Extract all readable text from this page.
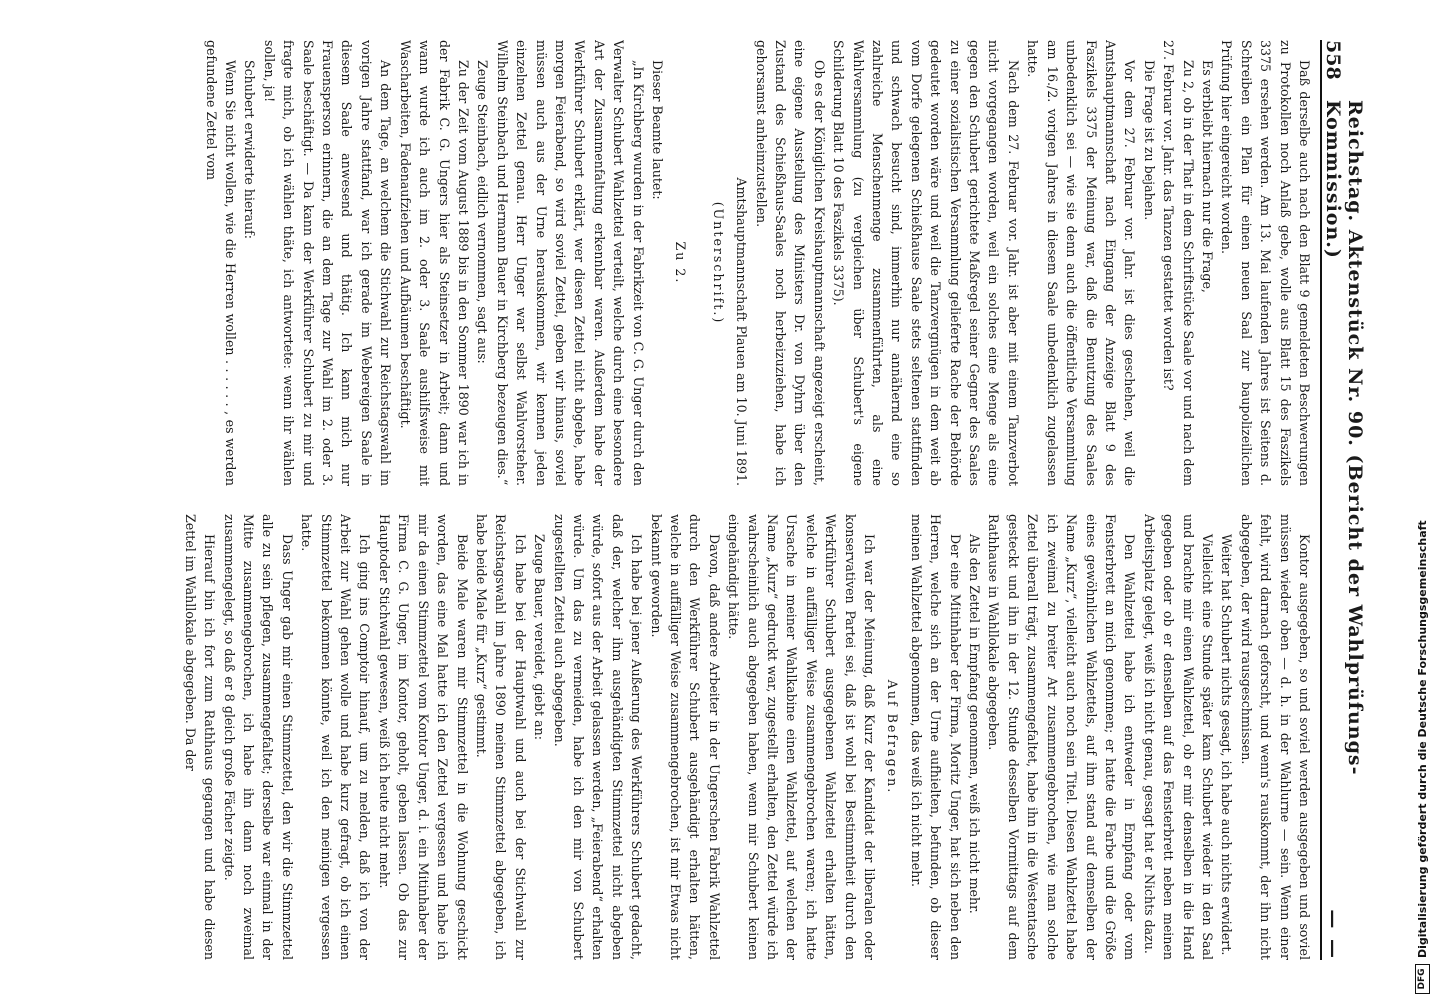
558
Reichstag. Aktenstück Nr. 90. (Bericht der Wahlprüfungs-Kommission.)
— —

Daß derselbe auch nach den Blatt 9 gemeldeten Beschwerungen zu Protokollen noch Anlaß gebe, wolle aus Blatt 15 des Faszikels 3375 ersehen werden. Am 13. Mai laufenden Jahres ist Seitens d. Schreiben ein Plan für einen neuen Saal zur baupolizeilichen Prüfung hier eingereicht worden.

Es verbleibt hiernach nur die Frage,

Zu 2, ob in der That in dem Schriftstücke Saale vor und nach dem 27. Februar vor. Jahr. das Tanzen gestattet worden ist?

Die Frage ist zu bejahen.

Vor dem 27. Februar vor. Jahr. ist dies geschehen, weil die Amtshauptmannschaft nach Eingang der Anzeige Blatt 9 des Faszikels 3375 der Meinung war, daß die Benutzung des Saales unbedenklich sei — wie sie denn auch die öffentliche Versammlung am 16./2. vorigen Jahres in diesem Saale unbedenklich zugelassen hatte.

Nach dem 27. Februar vor. Jahr. ist aber mit einem Tanzverbot nicht vorgegangen worden, weil ein solches eine Menge als eine gegen den Schubert gerichtete Maßregel seiner Gegner des Saales zu einer sozialistischen Versammlung gelieferte Rache der Behörde gedeutet worden wäre und weil die Tanzvergnügen in dem weit ab vom Dorfe gelegenen Schießhause Saale stets seltenen stattfinden und schwach besucht sind, immerhin nur annähernd eine so zahlreiche Menschenmenge zusammenführten, als eine Wahlversammlung (zu vergleichen über Schubert's eigene Schilderung Blatt 10 des Faszikels 3375).

Ob es der Königlichen Kreishauptmannschaft angezeigt erscheint, eine eigene Ausstellung des Ministers Dr. von Dyhrn über den Zustand des Schießhaus-Saales noch herbeizuziehen, habe ich gehorsamst anheimzustellen.

Amtshauptmannschaft Plauen am 10. Juni 1891.

(Unterschrift.)

Zu 2.

Dieser Beamte lautet:

„In Kirchberg wurden in der Fabrikzeit von C. G. Unger durch den Verwalter Schubert Wahlzettel verteilt, welche durch eine besondere Art der Zusammenfaltung erkennbar waren. Außerdem habe der Werkführer Schubert erklärt, wer diesen Zettel nicht abgebe, habe morgen Feierabend, so wird soviel Zettel, geben wir hinaus, soviel müssen auch aus der Urne herauskommen, wir kennen jeden einzelnen Zettel genau. Herr Unger war selbst Wahlvorsteher. Wilhelm Steinbach und Hermann Bauer in Kirchberg bezeugen dies.“

Zeuge Steinbach, eidlich vernommen, sagt aus:

Zu der Zeit vom August 1889 bis in den Sommer 1890 war ich in der Fabrik C. G. Ungers hier als Steinsetzer in Arbeit; dann und wann wurde ich auch im 2. oder 3. Saale aushilfsweise mit Wascharbeiten, Fadenaufziehen und Aufbäumen beschäftigt.

An dem Tage, an welchem die Stichwahl zur Reichstagswahl im vorigen Jahre stattfand, war ich gerade im Webereigen Saale in diesem Saale anwesend und thätig. Ich kann mich nur Frauensperson erinnern, die an dem Tage zur Wahl im 2. oder 3. Saale beschäftigt. — Da kann der Werkführer Schubert zu mir und fragte mich, ob ich wählen thäte, ich antwortete: wenn ihr wählen sollen, ja!

Schubert erwiderte hierauf:

Wenn Sie nicht wollen, wie die Herren wollen . . . . . . , es werden gefundene Zettel vom

Kontor ausgegeben, so und soviel werden ausgegeben und soviel müssen wieder oben — d. h. in der Wahlurne — sein. Wenn einer fehlt, wird darnach geforscht, und wenn's rauskommt, der ihn nicht abgegeben, der wird rausgeschmissen.

Weiter hat Schubert nichts gesagt, ich habe auch nichts erwidert.

Vielleicht eine Stunde später kam Schubert wieder in den Saal und brachte mir einen Wahlzettel, ob er mir denselben in die Hand gegeben oder ob er denselben auf das Fensterbrett neben meinen Arbeitsplatz gelegt, weiß ich nicht genau, gesagt hat er Nichts dazu.

Den Wahlzettel habe ich entweder in Empfang oder vom Fensterbrett an mich genommen; er hatte die Farbe und die Größe eines gewöhnlichen Wahlzettels, auf ihm stand auf demselben der Name „Kurz“, vielleicht auch noch sein Titel. Diesen Wahlzettel habe ich zweimal zu breiter Art zusammengebrochen, wie man solche Zettel überall trägt, zusammengefaltet, habe ihn in die Westentasche gesteckt und ihn in der 12. Stunde desselben Vormittags auf dem Rathhause in Wahllokale abgegeben.

Als den Zettel in Empfang genommen, weiß ich nicht mehr.

Der eine Mitinhaber der Firma, Moritz Unger, hat sich neben den Herren, welche sich an der Urne aufhielten, befunden, ob dieser meinen Wahlzettel abgenommen, das weiß ich nicht mehr.

Auf Befragen.

Ich war der Meinung, daß Kurz der Kandidat der liberalen oder konservativen Partei sei, daß ist wohl bei Bestimmtheit durch den Werkführer Schubert ausgegebenen Wahlzettel erhalten hätten, welche in auffälliger Weise zusammengebrochen waren; ich hatte Ursache in meiner Wahlkabine einen Wahlzettel, auf welchen der Name „Kurz“ gedruckt war, zugestellt erhalten, den Zettel würde ich wahrscheinlich auch abgegeben haben, wenn mir Schubert keinen eingehändigt hätte.

Davon, daß andere Arbeiter in der Ungerschen Fabrik Wahlzettel durch den Werkführer Schubert ausgehändigt erhalten hätten, welche in auffälliger Weise zusammengebrochen, ist mir Etwas nicht bekannt geworden.

Ich habe bei jener Außerung des Werkführers Schubert gedacht, daß der, welcher ihm ausgehändigten Stimmzettel nicht abgeben würde, sofort aus der Arbeit gelassen werden, „Feierabend“ erhalten würde. Um das zu vermeiden, habe ich den mir von Schubert zugestellten Zettel auch abgegeben.

Zeuge Bauer, vereidet, giebt an:

Ich habe bei der Hauptwahl und auch bei der Stichwahl zur Reichstagswahl im Jahre 1890 meinen Stimmzettel abgegeben, ich habe beide Male für „Kurz“ gestimmt.

Beide Male waren mir Stimmzettel in die Wohnung geschickt worden, das eine Mal hatte ich den Zettel vergessen und habe ich mir da einen Stimmzettel vom Kontor Unger, d. i. ein Mitinhaber der Firma C. G. Unger, im Kontor, geholt, geben lassen. Ob das zur Hauptoder Stichwahl gewesen, weiß ich heute nicht mehr.

Ich ging ins Comptoir hinauf, um zu melden, daß ich von der Arbeit zur Wahl gehen wolle und habe kurz gefragt, ob ich einen Stimmzettel bekommen könnte, weil ich den meinigen vergessen hatte.

Dass Unger gab mir einen Stimmzettel, den wir die Stimmzettel alle zu sein pflegen, zusammengefaltet; derselbe war einmal in der Mitte zusammengebrochen, ich habe ihn dann noch zweimal zusammengelegt, so daß er 8 gleich große Fächer zeigte.

Hierauf bin ich fort zum Rathhaus gegangen und habe diesen Zettel im Wahllokale abgegeben. Da der

DFG
Digitalisierung gefördert durch die Deutsche Forschungsgemeinschaft
